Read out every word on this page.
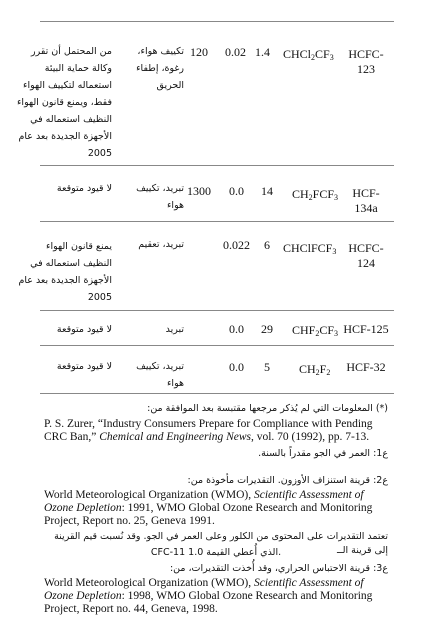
HCFC-
123
$CHCl_2CF_3$
1.4
0.02
120
تكييف هواء،
رغوة، إطفاء
الحريق
من المحتمل أن تقرر
وكالة حماية البيئة
استعماله لتكييف الهواء
فقط، ويمنع قانون الهواء
النظيف استعماله في
الأجهزة الجديدة بعد عام
2005
HCF-
134a
$CH_2FCF_3$
14
0.0
1300
تبريد، تكييف
هواء
لا قيود متوقعة
HCFC-
124
CHClFCF$_3$
6
0.022
تبريد، تعقيم
يمنع قانون الهواء
النظيف استعماله في
الأجهزة الجديدة بعد عام
2005
HCF-125
$CHF_2CF_3$
29
0.0
تبريد
لا قيود متوقعة
HCF-32
$CH_2F_2$
5
0.0
تبريد، تكييف
هواء
لا قيود متوقعة
(*) المعلومات التي لم يُذكر مرجعها مقتبسة بعد الموافقة من:
P. S. Zurer, “Industry Consumers Prepare for Compliance with Pending CRC Ban,” Chemical and Engineering News, vol. 70 (1992), pp. 7-13.
ع1: العمر في الجو مقدراً بالسنة.
ع2: قرينة استنزاف الأوزون. التقديرات مأخوذة من:
World Meteorological Organization (WMO), Scientific Assessment of Ozone Depletion: 1991, WMO Global Ozone Research and Monitoring Project, Report no. 25, Geneva 1991.
تعتمد التقديرات على المحتوى من الكلور وعلى العمر في الجو. وقد نُسبت قيم القرينة إلى قرينة الــ
CFC-11 الذي أُعطي القيمة 1.0.
ع3: قرينة الاحتباس الحراري، وقد أُخذت التقديرات، من:
World Meteorological Organization (WMO), Scientific Assessment of Ozone Depletion: 1998, WMO Global Ozone Research and Monitoring Project, Report no. 44, Geneva, 1998.
